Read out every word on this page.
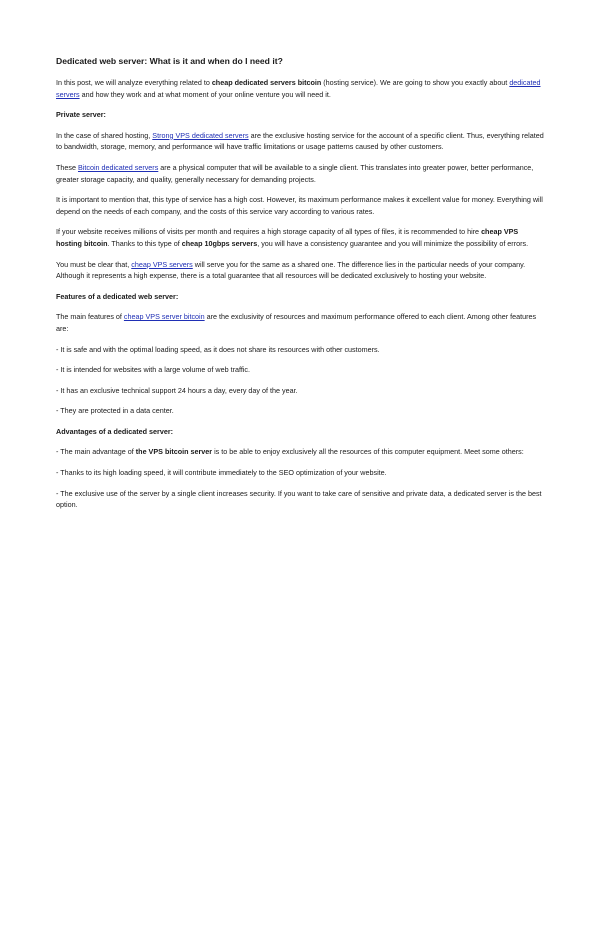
Dedicated web server: What is it and when do I need it?

In this post, we will analyze everything related to cheap dedicated servers bitcoin (hosting service). We are going to show you exactly about dedicated servers and how they work and at what moment of your online venture you will need it.

Private server:

In the case of shared hosting, Strong VPS dedicated servers are the exclusive hosting service for the account of a specific client. Thus, everything related to bandwidth, storage, memory, and performance will have traffic limitations or usage patterns caused by other customers.

These Bitcoin dedicated servers are a physical computer that will be available to a single client. This translates into greater power, better performance, greater storage capacity, and quality, generally necessary for demanding projects.

It is important to mention that, this type of service has a high cost. However, its maximum performance makes it excellent value for money. Everything will depend on the needs of each company, and the costs of this service vary according to various rates.

If your website receives millions of visits per month and requires a high storage capacity of all types of files, it is recommended to hire cheap VPS hosting bitcoin. Thanks to this type of cheap 10gbps servers, you will have a consistency guarantee and you will minimize the possibility of errors.

You must be clear that, cheap VPS servers will serve you for the same as a shared one. The difference lies in the particular needs of your company. Although it represents a high expense, there is a total guarantee that all resources will be dedicated exclusively to hosting your website.

Features of a dedicated web server:

The main features of cheap VPS server bitcoin are the exclusivity of resources and maximum performance offered to each client. Among other features are:

- It is safe and with the optimal loading speed, as it does not share its resources with other customers.

- It is intended for websites with a large volume of web traffic.

- It has an exclusive technical support 24 hours a day, every day of the year.

- They are protected in a data center.

Advantages of a dedicated server:

- The main advantage of the VPS bitcoin server is to be able to enjoy exclusively all the resources of this computer equipment. Meet some others:

- Thanks to its high loading speed, it will contribute immediately to the SEO optimization of your website.

- The exclusive use of the server by a single client increases security. If you want to take care of sensitive and private data, a dedicated server is the best option.
